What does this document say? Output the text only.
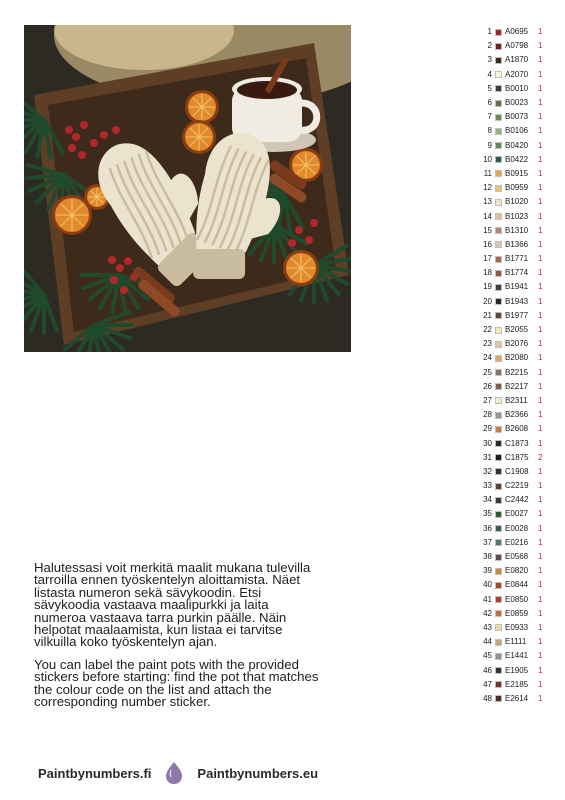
1 A0695	1
2 A0798	1
3 A1870	1
4 A2070	1
5 B0010	1
6 B0023	1
7 B0073	1
8 B0106	1
9 B0420	1
10 B0422	1
11 B0915	1
12 B0959	1
13 B1020	1
14 B1023	1
15 B1310	1
16 B1366	1
17 B1771	1
18 B1774	1
19 B1941	1
20 B1943	1
21 B1977	1
22 B2055	1
23 B2076	1
24 B2080	1
25 B2215	1
26 B2217	1
27 B2311	1
28 B2366	1
29 B2608	1
30 C1873	1
31 C1875	2
32 C1908	1
33 C2219	1
34 C2442	1
35 E0027	1
36 E0028	1
37 E0216	1
38 E0568	1
39 E0820	1
40 E0844	1
41 E0850	1
42 E0859	1
43 E0933	1
44 E1111	1
45 E1441	1
46 E1905	1
47 E2185	1
48 E2614	1

Halutessasi voit merkitä maalit mukana tulevilla tarroilla ennen työskentelyn aloittamista. Näet listasta numeron sekä sävykoodin. Etsi sävykoodia vastaava maalipurkki ja laita numeroa vastaava tarra purkin päälle. Näin helpotat maalaamista, kun listaa ei tarvitse vilkuilla koko työskentelyn ajan.

You can label the paint pots with the provided stickers before starting: find the pot that matches the colour code on the list and attach the corresponding number sticker.

Paintbynumbers.fi	Paintbynumbers.eu
